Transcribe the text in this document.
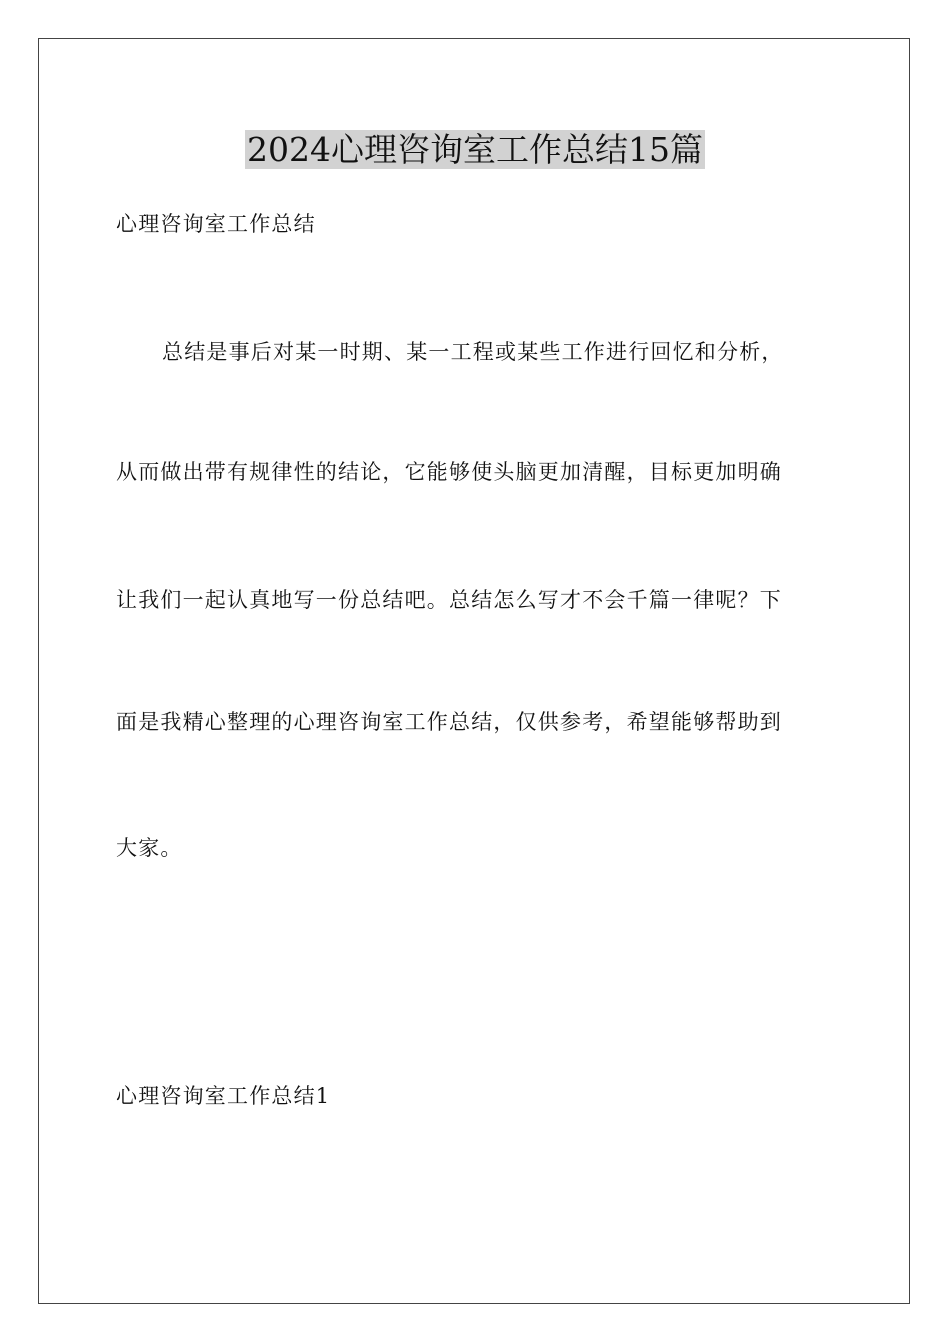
2024心理咨询室工作总结15篇

心理咨询室工作总结

总结是事后对某一时期、某一工程或某些工作进行回忆和分析，

从而做出带有规律性的结论，它能够使头脑更加清醒，目标更加明确

让我们一起认真地写一份总结吧。总结怎么写才不会千篇一律呢？下

面是我精心整理的心理咨询室工作总结，仅供参考，希望能够帮助到

大家。

心理咨询室工作总结1
